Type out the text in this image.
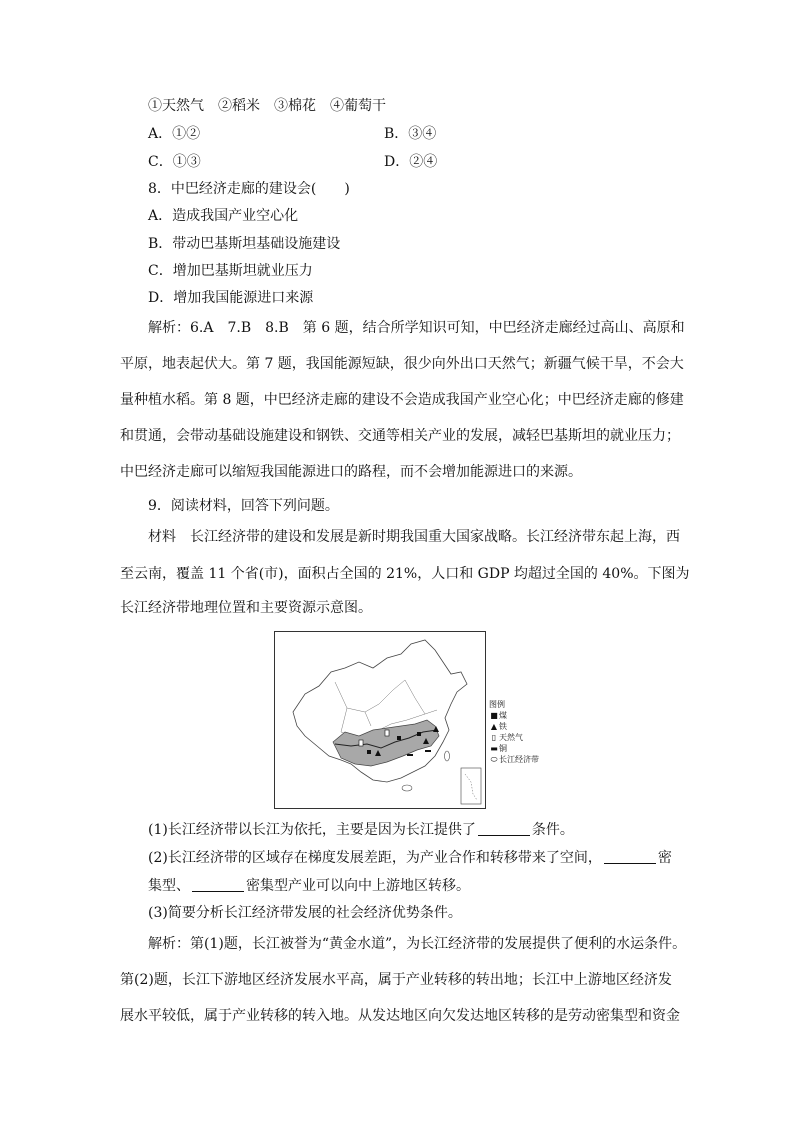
①天然气　②稻米　③棉花　④葡萄干
A．①②	B．③④
C．①③	D．②④
8．中巴经济走廊的建设会(　　)
A．造成我国产业空心化
B．带动巴基斯坦基础设施建设
C．增加巴基斯坦就业压力
D．增加我国能源进口来源
解析：6.A　7.B　8.B　第 6 题，结合所学知识可知，中巴经济走廊经过高山、高原和
平原，地表起伏大。第 7 题，我国能源短缺，很少向外出口天然气；新疆气候干旱，不会大
量种植水稻。第 8 题，中巴经济走廊的建设不会造成我国产业空心化；中巴经济走廊的修建
和贯通，会带动基础设施建设和钢铁、交通等相关产业的发展，减轻巴基斯坦的就业压力；
中巴经济走廊可以缩短我国能源进口的路程，而不会增加能源进口的来源。
9．阅读材料，回答下列问题。
材料　长江经济带的建设和发展是新时期我国重大国家战略。长江经济带东起上海，西
至云南，覆盖 11 个省(市)，面积占全国的 21%，人口和 GDP 均超过全国的 40%。下图为
长江经济带地理位置和主要资源示意图。
图例
■煤
▲ 铁
▯ 天然气
▬铜
⬭ 长江经济带
(1)长江经济带以长江为依托，主要是因为长江提供了	条件。
(2)长江经济带的区域存在梯度发展差距，为产业合作和转移带来了空间，	密
集型、	密集型产业可以向中上游地区转移。
(3)简要分析长江经济带发展的社会经济优势条件。
解析：第(1)题，长江被誉为“黄金水道”，为长江经济带的发展提供了便利的水运条件。
第(2)题，长江下游地区经济发展水平高，属于产业转移的转出地；长江中上游地区经济发
展水平较低，属于产业转移的转入地。从发达地区向欠发达地区转移的是劳动密集型和资金
